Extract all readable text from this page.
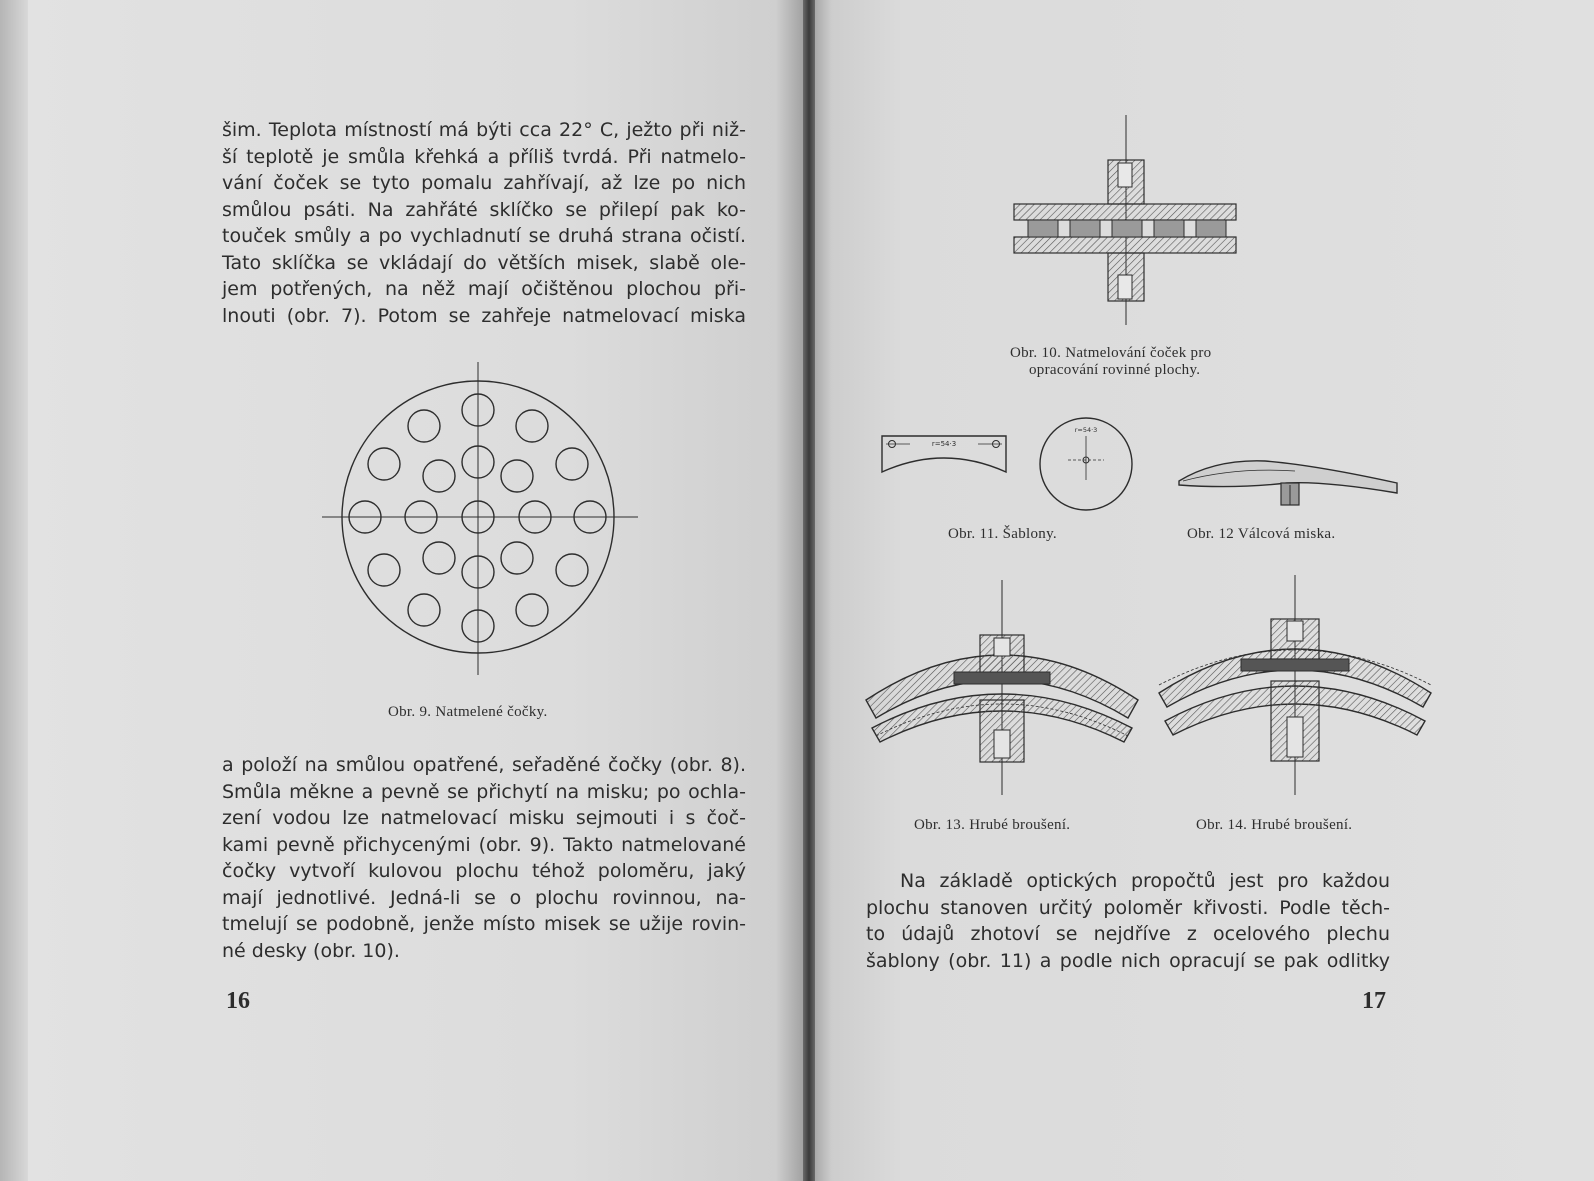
šim. Teplota místností má býti cca 22° C, ježto při niž-
ší teplotě je smůla křehká a příliš tvrdá. Při natmelo-
vání čoček se tyto pomalu zahřívají, až lze po nich
smůlou psáti. Na zahřáté sklíčko se přilepí pak ko-
touček smůly a po vychladnutí se druhá strana očistí.
Tato sklíčka se vkládají do větších misek, slabě ole-
jem potřených, na něž mají očištěnou plochou při-
lnouti (obr. 7). Potom se zahřeje natmelovací miska
Obr. 9. Natmelené čočky.
a položí na smůlou opatřené, seřaděné čočky (obr. 8).
Smůla měkne a pevně se přichytí na misku; po ochla-
zení vodou lze natmelovací misku sejmouti i s čoč-
kami pevně přichycenými (obr. 9). Takto natmelované
čočky vytvoří kulovou plochu téhož poloměru, jaký
mají jednotlivé. Jedná-li se o plochu rovinnou, na-
tmelují se podobně, jenže místo misek se užije rovin-
né desky (obr. 10).
16
Obr. 10. Natmelování čoček pro
opracování rovinné plochy.
r=54·3
r=54·3
Obr. 11. Šablony.	Obr. 12 Válcová miska.
Obr. 13. Hrubé broušení.	Obr. 14. Hrubé broušení.
Na základě optických propočtů jest pro každou
plochu stanoven určitý poloměr křivosti. Podle těch-
to údajů zhotoví se nejdříve z ocelového plechu
šablony (obr. 11) a podle nich opracují se pak odlitky
17
